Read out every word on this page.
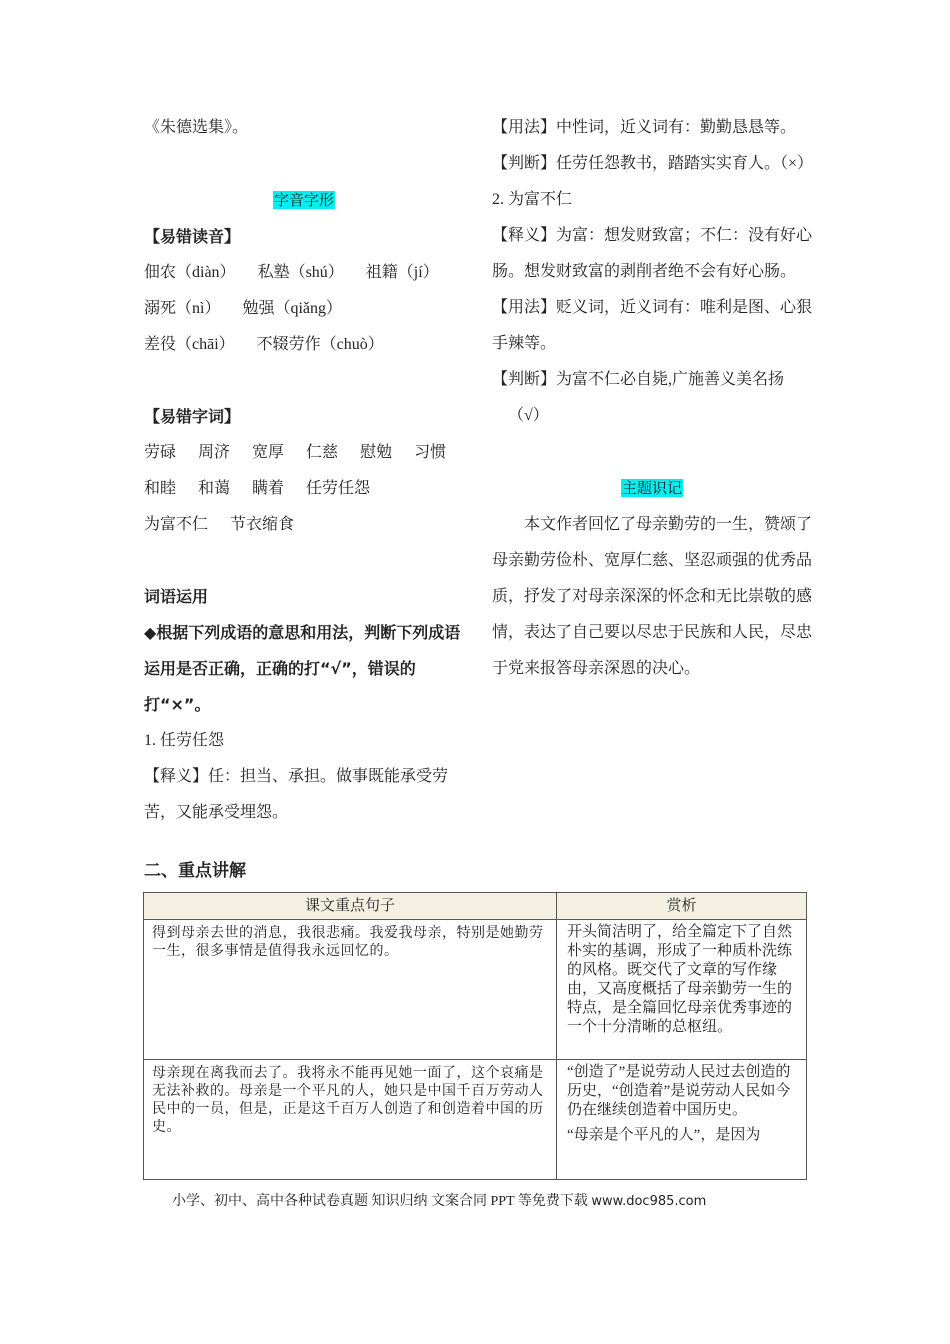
《朱德选集》。
字音字形
【易错读音】
佃农（diàn） 私塾（shú） 祖籍（jí）
溺死（nì） 勉强（qiǎng）
差役（chāi） 不辍劳作（chuò）
【易错字词】
劳碌 周济 宽厚 仁慈 慰勉 习惯
和睦 和蔼 瞒着 任劳任怨
为富不仁 节衣缩食
词语运用
◆根据下列成语的意思和用法，判断下列成语运用是否正确，正确的打“√”，错误的打“×”。
1. 任劳任怨
【释义】任：担当、承担。做事既能承受劳苦，又能承受埋怨。
【用法】中性词，近义词有：勤勤恳恳等。
【判断】任劳任怨教书，踏踏实实育人。（×）
2. 为富不仁
【释义】为富：想发财致富；不仁：没有好心肠。想发财致富的剥削者绝不会有好心肠。
【用法】贬义词，近义词有：唯利是图、心狠手辣等。
【判断】为富不仁必自毙,广施善义美名扬
（√）
主题识记
本文作者回忆了母亲勤劳的一生，赞颂了母亲勤劳俭朴、宽厚仁慈、坚忍顽强的优秀品
质，抒发了对母亲深深的怀念和无比崇敬的感情，表达了自己要以尽忠于民族和人民，尽忠于党来报答母亲深恩的决心。
二、重点讲解
课文重点句子	赏析
得到母亲去世的消息，我很悲痛。我爱我母亲，特别是她勤劳一生，很多事情是值得我永远回忆的。	开头简洁明了，给全篇定下了自然朴实的基调，形成了一种质朴洗练的风格。既交代了文章的写作缘由，又高度概括了母亲勤劳一生的特点，是全篇回忆母亲优秀事迹的一个十分清晰的总枢纽。

母亲现在离我而去了。我将永不能再见她一面了，这个哀痛是无法补救的。母亲是一个平凡的人，她只是中国千百万劳动人民中的一员，但是，正是这千百万人创造了和创造着中国的历史。	“创造了”是说劳动人民过去创造的历史，“创造着”是说劳动人民如今仍在继续创造着中国历史。
“母亲是个平凡的人”，是因为
小学、初中、高中各种试卷真题 知识归纳 文案合同 PPT 等免费下载 www.doc985.com
